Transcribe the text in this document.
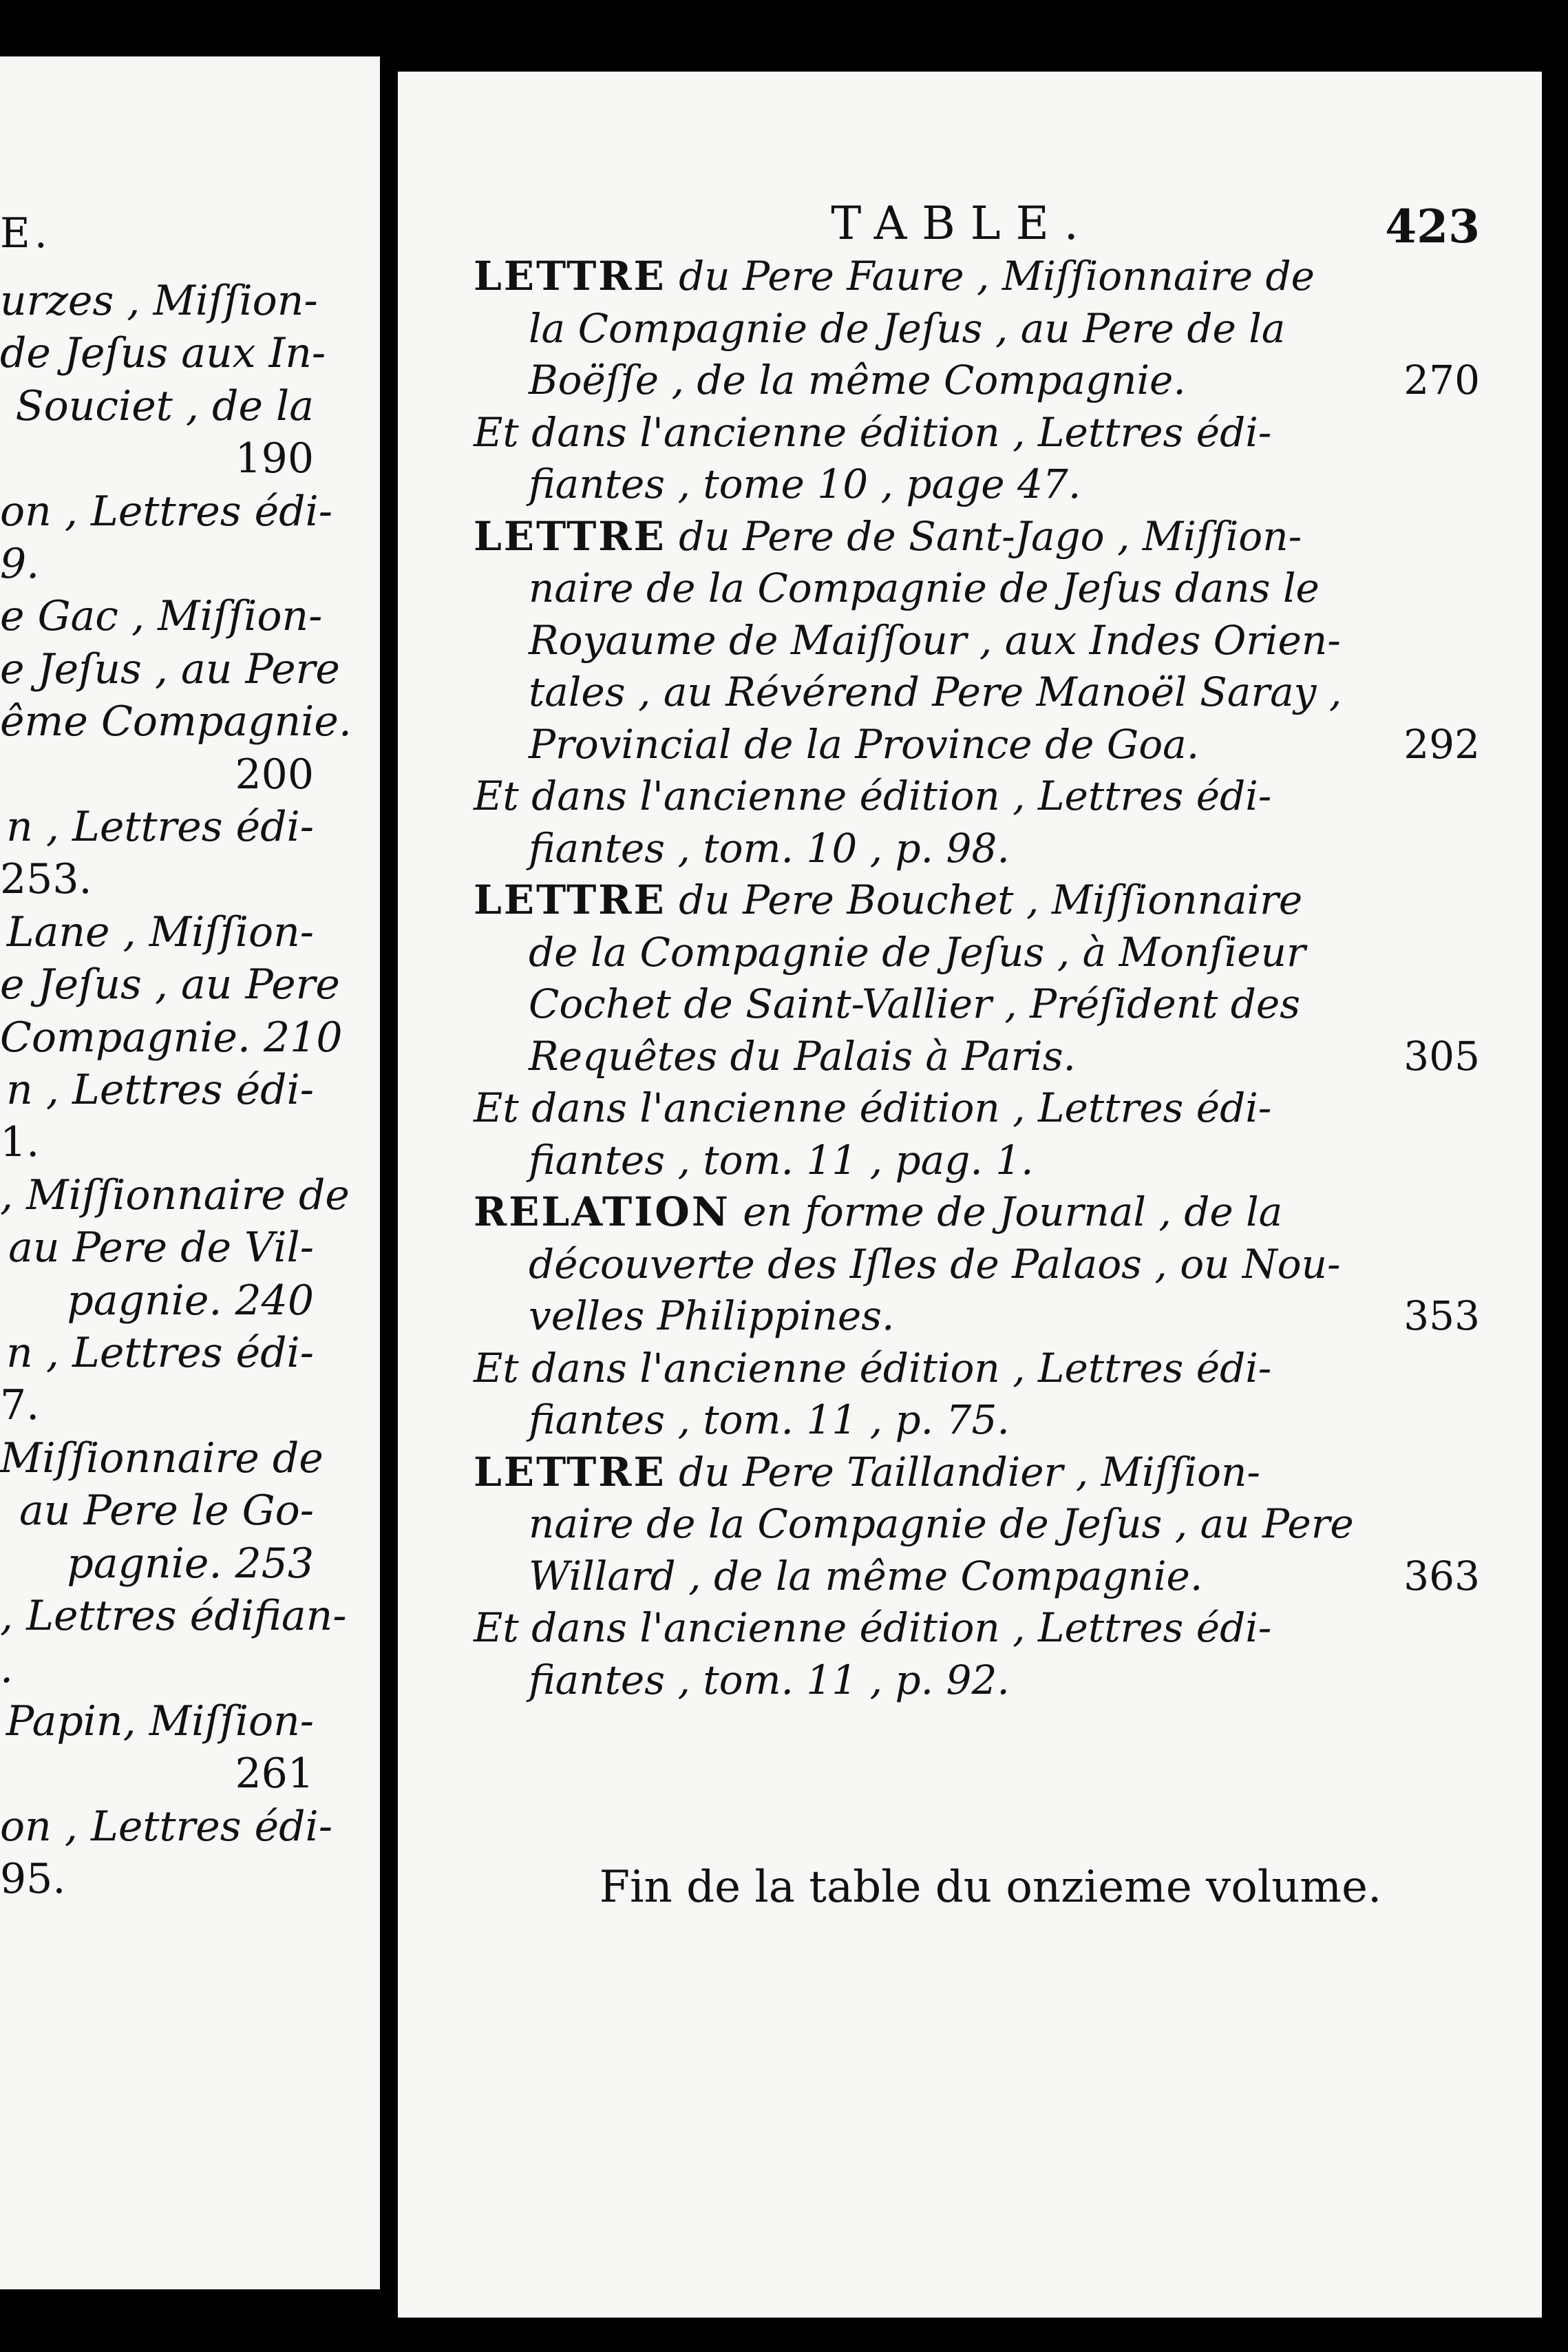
E.
urzes , Miſſion-
de Jeſus aux In-
Souciet , de la
190
on , Lettres édi-
9.
e Gac , Miſſion-
e Jeſus , au Pere
ême Compagnie.
200
n , Lettres édi-
253.
Lane , Miſſion-
e Jeſus , au Pere
Compagnie. 210
n , Lettres édi-
1.
, Miſſionnaire de
au Pere de Vil-
pagnie. 240
n , Lettres édi-
7.
Miſſionnaire de
au Pere le Go-
pagnie. 253
, Lettres édifian-
.
Papin, Miſſion-
261
on , Lettres édi-
95.
TABLE.	423
LETTRE du Pere Faure , Miſſionnaire de
la Compagnie de Jeſus , au Pere de la
Boëſſe , de la même Compagnie.	270
Et dans l'ancienne édition , Lettres édi-
fiantes , tome 10 , page 47.
LETTRE du Pere de Sant-Jago , Miſſion-
naire de la Compagnie de Jeſus dans le
Royaume de Maiſſour , aux Indes Orien-
tales , au Révérend Pere Manoël Saray ,
Provincial de la Province de Goa.	292
Et dans l'ancienne édition , Lettres édi-
fiantes , tom. 10 , p. 98.
LETTRE du Pere Bouchet , Miſſionnaire
de la Compagnie de Jeſus , à Monſieur
Cochet de Saint-Vallier , Préſident des
Requêtes du Palais à Paris.	305
Et dans l'ancienne édition , Lettres édi-
fiantes , tom. 11 , pag. 1.
RELATION en forme de Journal , de la
découverte des Iſles de Palaos , ou Nou-
velles Philippines.	353
Et dans l'ancienne édition , Lettres édi-
fiantes , tom. 11 , p. 75.
LETTRE du Pere Taillandier , Miſſion-
naire de la Compagnie de Jeſus , au Pere
Willard , de la même Compagnie.	363
Et dans l'ancienne édition , Lettres édi-
fiantes , tom. 11 , p. 92.
Fin de la table du onzieme volume.
